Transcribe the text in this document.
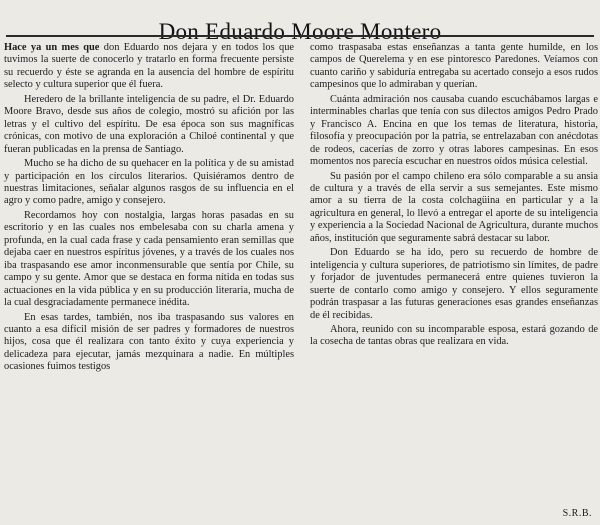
Don Eduardo Moore Montero

Hace ya un mes que don Eduardo nos dejara y en todos los que tuvimos la suerte de conocerlo y tratarlo en forma frecuente persiste su recuerdo y éste se agranda en la ausencia del hombre de espíritu selecto y cultura superior que él fuera.

Heredero de la brillante inteligencia de su padre, el Dr. Eduardo Moore Bravo, desde sus años de colegio, mostró su afición por las letras y el cultivo del espíritu. De esa época son sus magníficas crónicas, con motivo de una exploración a Chiloé continental y que fueran publicadas en la prensa de Santiago.

Mucho se ha dicho de su quehacer en la política y de su amistad y participación en los círculos literarios. Quisiéramos dentro de nuestras limitaciones, señalar algunos rasgos de su influencia en el agro y como padre, amigo y consejero.

Recordamos hoy con nostalgia, largas horas pasadas en su escritorio y en las cuales nos embelesaba con su charla amena y profunda, en la cual cada frase y cada pensamiento eran semillas que dejaba caer en nuestros espíritus jóvenes, y a través de los cuales nos iba traspasando ese amor inconmensurable que sentía por Chile, su campo y su gente. Amor que se destaca en forma nítida en todas sus actuaciones en la vida pública y en su producción literaria, mucha de la cual desgraciadamente permanece inédita.

En esas tardes, también, nos iba traspasando sus valores en cuanto a esa difícil misión de ser padres y formadores de nuestros hijos, cosa que él realizara con tanto éxito y cuya experiencia y delicadeza para ejecutar, jamás mezquinara a nadie. En múltiples ocasiones fuimos testigos

como traspasaba estas enseñanzas a tanta gente humilde, en los campos de Querelema y en ese pintoresco Paredones. Veíamos con cuanto cariño y sabiduría entregaba su acertado consejo a esos rudos campesinos que lo admiraban y querían.

Cuánta admiración nos causaba cuando escuchábamos largas e interminables charlas que tenía con sus dilectos amigos Pedro Prado y Francisco A. Encina en que los temas de literatura, historia, filosofía y preocupación por la patria, se entrelazaban con anécdotas de rodeos, cacerías de zorro y otras labores campesinas. En esos momentos nos parecía escuchar en nuestros oídos música celestial.

Su pasión por el campo chileno era sólo comparable a su ansia de cultura y a través de ella servir a sus semejantes. Este mismo amor a su tierra de la costa colchagüina en particular y a la agricultura en general, lo llevó a entregar el aporte de su inteligencia y experiencia a la Sociedad Nacional de Agricultura, durante muchos años, institución que seguramente sabrá destacar su labor.

Don Eduardo se ha ido, pero su recuerdo de hombre de inteligencia y cultura superiores, de patriotismo sin límites, de padre y forjador de juventudes permanecerá entre quienes tuvieron la suerte de contarlo como amigo y consejero. Y ellos seguramente podrán traspasar a las futuras generaciones esas grandes enseñanzas de él recibidas.

Ahora, reunido con su incomparable esposa, estará gozando de la cosecha de tantas obras que realizara en vida.

S.R.B.
